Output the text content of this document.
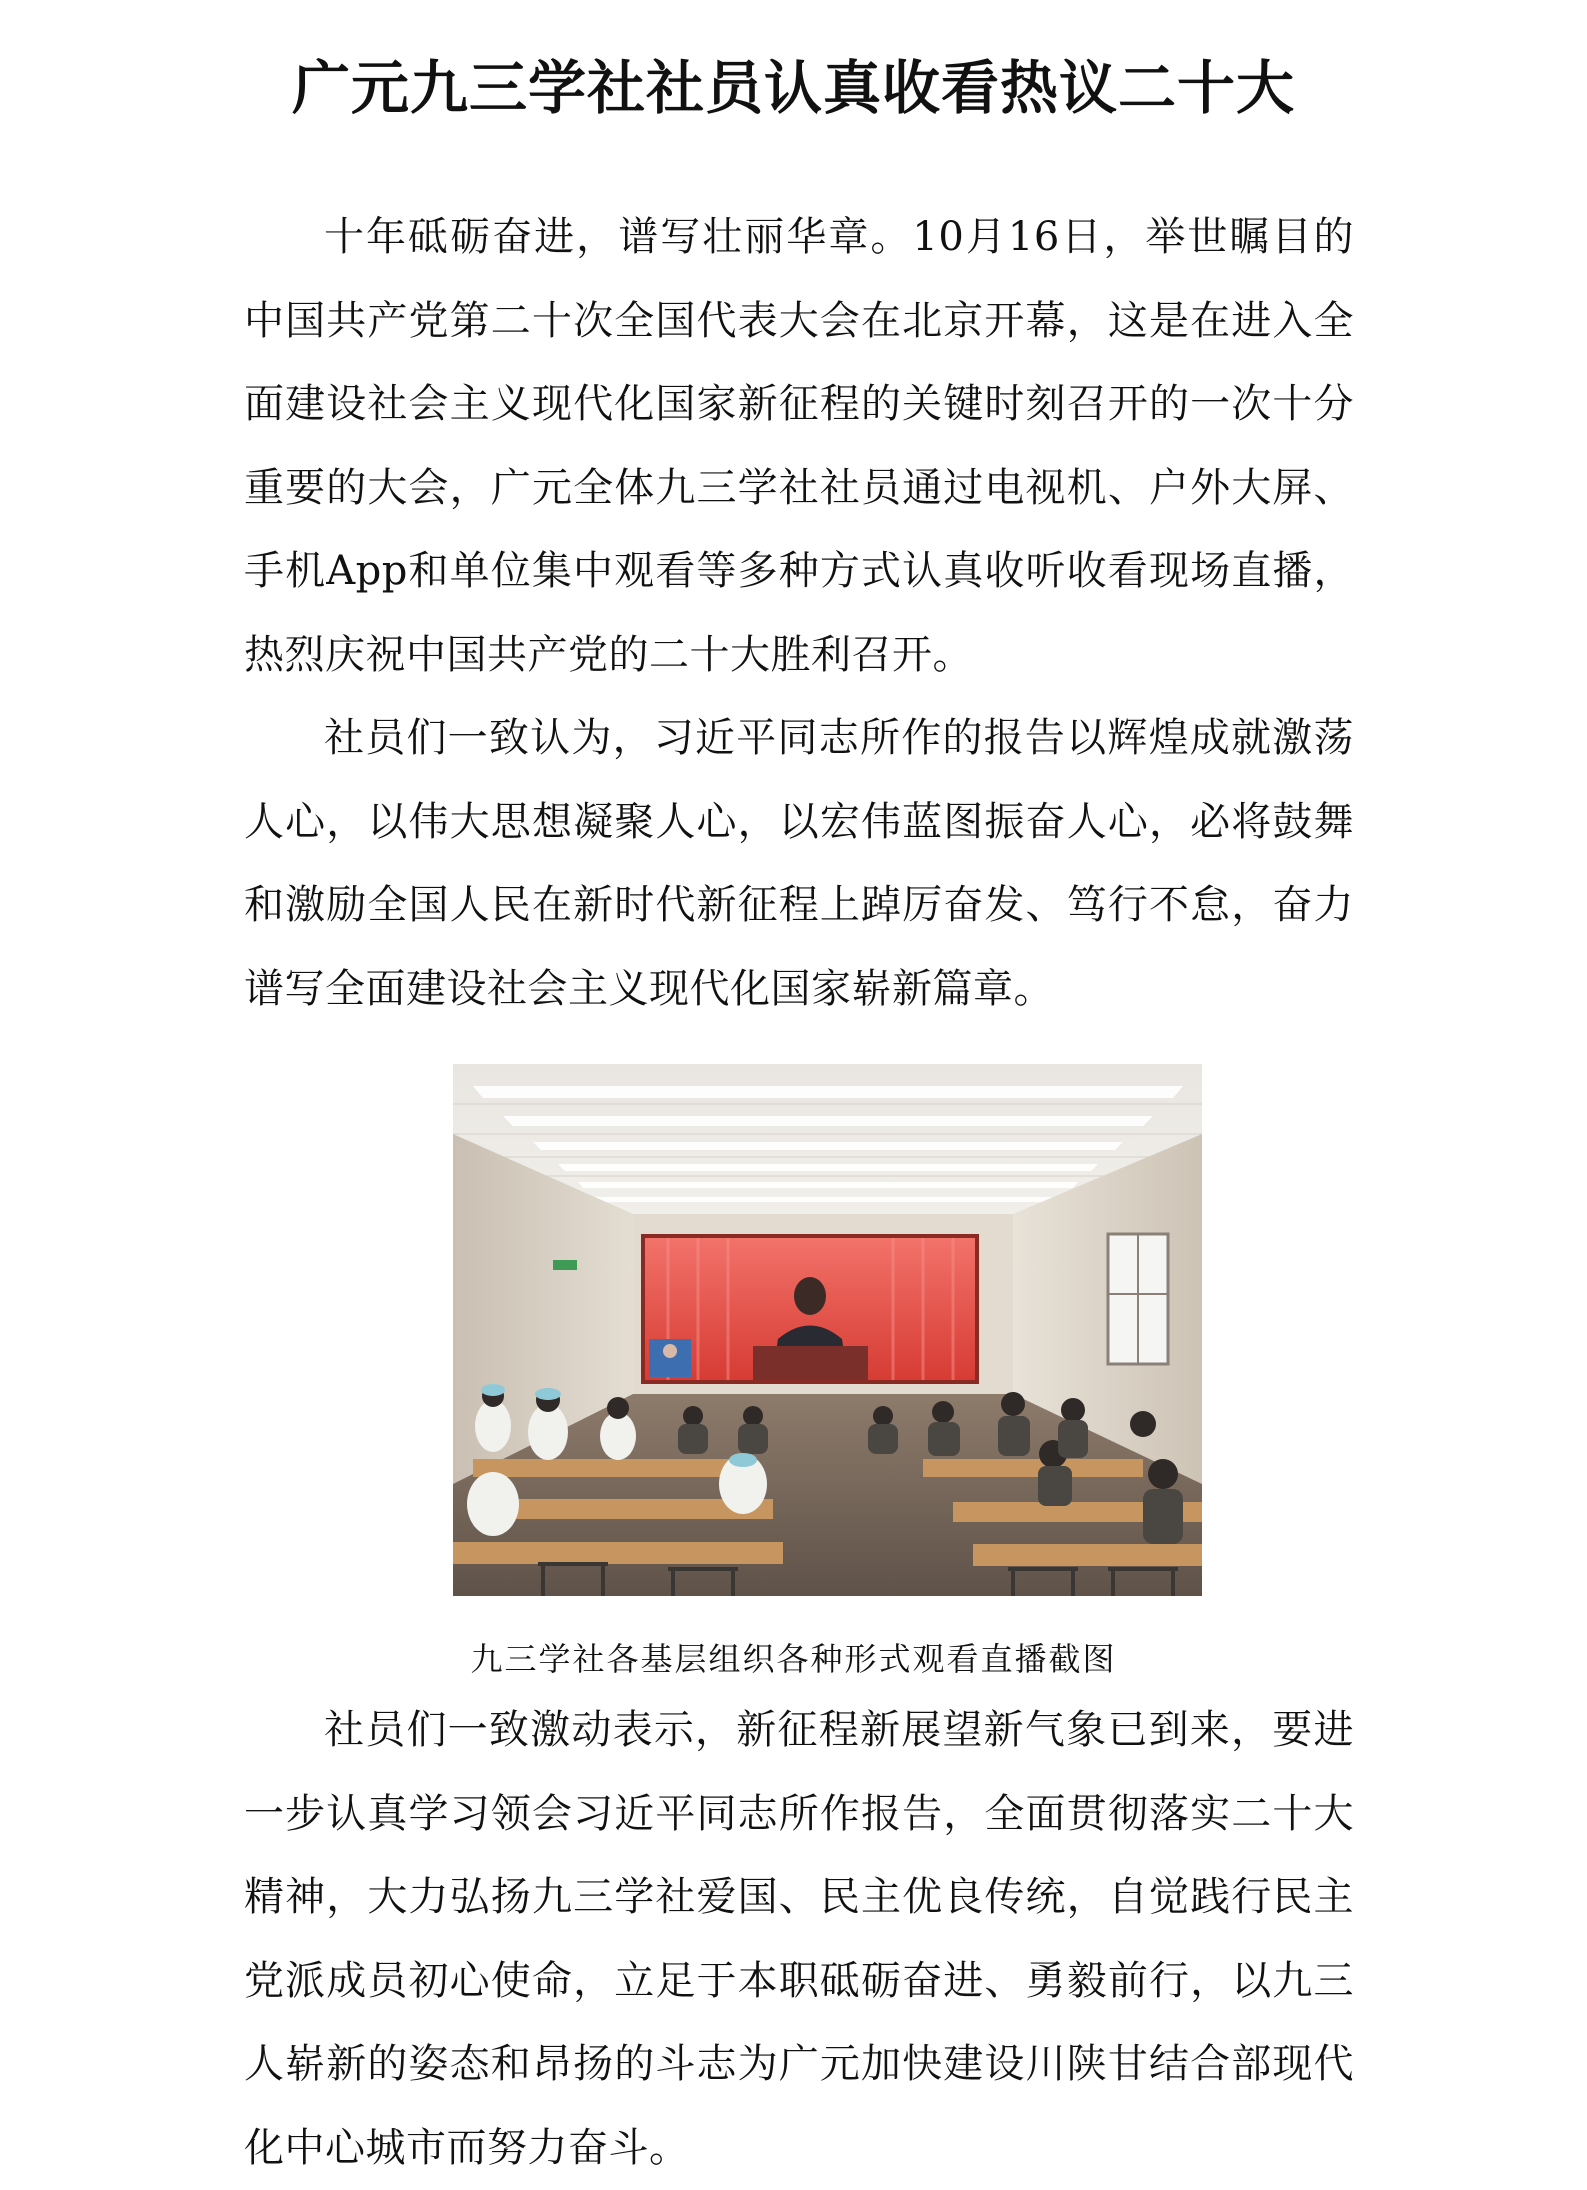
广元九三学社社员认真收看热议二十大

十年砥砺奋进，谱写壮丽华章。10月16日，举世瞩目的中国共产党第二十次全国代表大会在北京开幕，这是在进入全面建设社会主义现代化国家新征程的关键时刻召开的一次十分重要的大会，广元全体九三学社社员通过电视机、户外大屏、手机App和单位集中观看等多种方式认真收听收看现场直播，热烈庆祝中国共产党的二十大胜利召开。

社员们一致认为，习近平同志所作的报告以辉煌成就激荡人心，以伟大思想凝聚人心，以宏伟蓝图振奋人心，必将鼓舞和激励全国人民在新时代新征程上踔厉奋发、笃行不怠，奋力谱写全面建设社会主义现代化国家崭新篇章。

九三学社各基层组织各种形式观看直播截图

社员们一致激动表示，新征程新展望新气象已到来，要进一步认真学习领会习近平同志所作报告，全面贯彻落实二十大精神，大力弘扬九三学社爱国、民主优良传统，自觉践行民主党派成员初心使命，立足于本职砥砺奋进、勇毅前行，以九三人崭新的姿态和昂扬的斗志为广元加快建设川陕甘结合部现代化中心城市而努力奋斗。
